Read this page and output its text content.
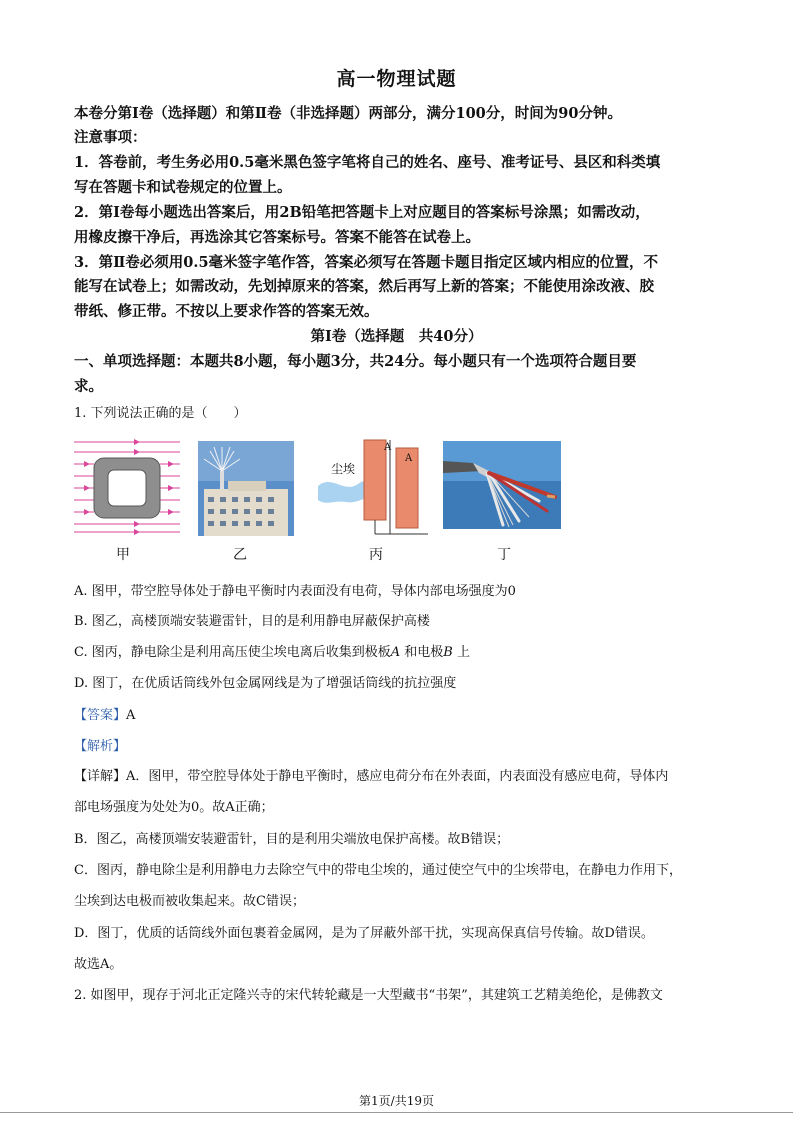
高一物理试题
本卷分第Ⅰ卷（选择题）和第Ⅱ卷（非选择题）两部分，满分100分，时间为90分钟。
注意事项：
1．答卷前，考生务必用0.5毫米黑色签字笔将自己的姓名、座号、准考证号、县区和科类填
写在答题卡和试卷规定的位置上。
2．第Ⅰ卷每小题选出答案后，用2B铅笔把答题卡上对应题目的答案标号涂黑；如需改动，
用橡皮擦干净后，再选涂其它答案标号。答案不能答在试卷上。
3．第Ⅱ卷必须用0.5毫米签字笔作答，答案必须写在答题卡题目指定区域内相应的位置，不
能写在试卷上；如需改动，先划掉原来的答案，然后再写上新的答案；不能使用涂改液、胶
带纸、修正带。不按以上要求作答的答案无效。
第Ⅰ卷（选择题　共40分）
一、单项选择题：本题共8小题，每小题3分，共24分。每小题只有一个选项符合题目要
求。
1. 下列说法正确的是（　　）
甲	乙
尘埃
A
A
丙	丁
A. 图甲，带空腔导体处于静电平衡时内表面没有电荷，导体内部电场强度为0
B. 图乙，高楼顶端安装避雷针，目的是利用静电屏蔽保护高楼
C. 图丙，静电除尘是利用高压使尘埃电离后收集到极板𝐴 和电极𝐵 上
D. 图丁，在优质话筒线外包金属网线是为了增强话筒线的抗拉强度
【答案】A
【解析】
【详解】A．图甲，带空腔导体处于静电平衡时，感应电荷分布在外表面，内表面没有感应电荷，导体内
部电场强度为处处为0。故A正确；
B．图乙，高楼顶端安装避雷针，目的是利用尖端放电保护高楼。故B错误；
C．图丙，静电除尘是利用静电力去除空气中的带电尘埃的，通过使空气中的尘埃带电，在静电力作用下，
尘埃到达电极而被收集起来。故C错误；
D．图丁，优质的话筒线外面包裹着金属网，是为了屏蔽外部干扰，实现高保真信号传输。故D错误。
故选A。
2. 如图甲，现存于河北正定隆兴寺的宋代转轮藏是一大型藏书“书架”，其建筑工艺精美绝伦，是佛教文
第1页/共19页
